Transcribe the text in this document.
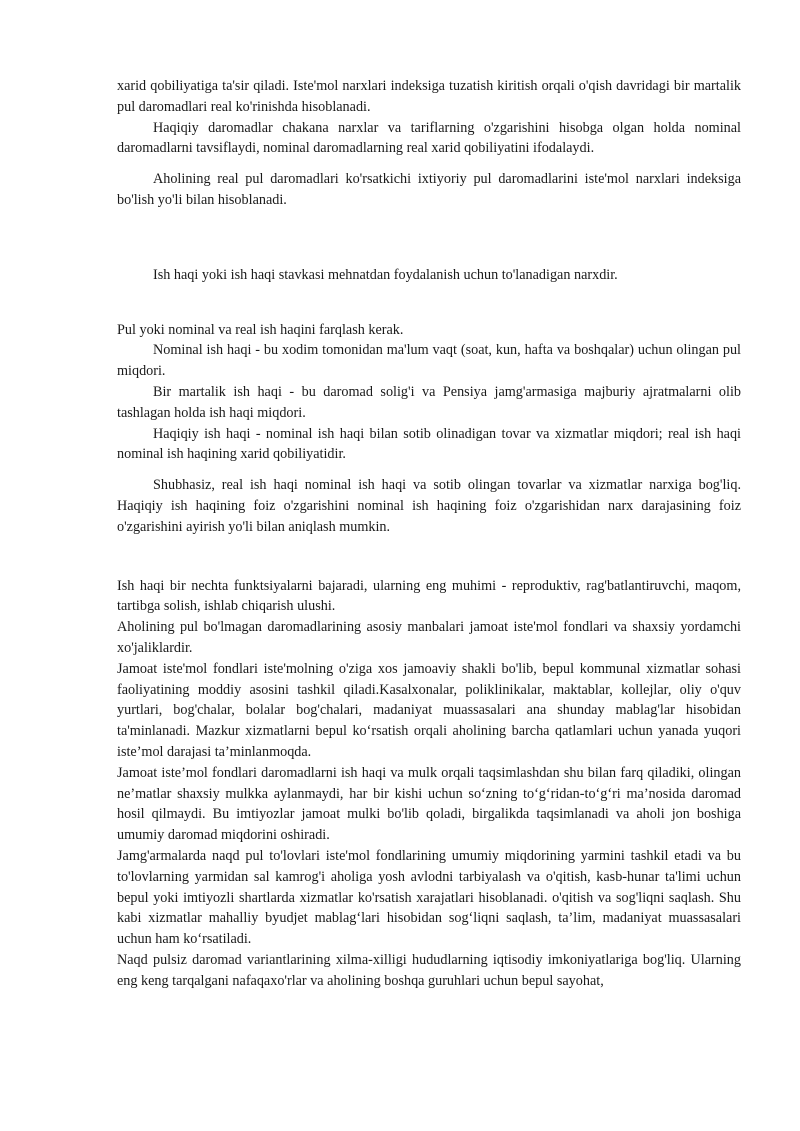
xarid qobiliyatiga ta'sir qiladi. Iste'mol narxlari indeksiga tuzatish kiritish orqali o'qish davridagi bir martalik pul daromadlari real ko'rinishda hisoblanadi.

Haqiqiy daromadlar chakana narxlar va tariflarning o'zgarishini hisobga olgan holda nominal daromadlarni tavsiflaydi, nominal daromadlarning real xarid qobiliyatini ifodalaydi.

Aholining real pul daromadlari ko'rsatkichi ixtiyoriy pul daromadlarini iste'mol narxlari indeksiga bo'lish yo'li bilan hisoblanadi.

Ish haqi yoki ish haqi stavkasi mehnatdan foydalanish uchun to'lanadigan narxdir.

Pul yoki nominal va real ish haqini farqlash kerak.

Nominal ish haqi - bu xodim tomonidan ma'lum vaqt (soat, kun, hafta va boshqalar) uchun olingan pul miqdori.

Bir martalik ish haqi - bu daromad solig'i va Pensiya jamg'armasiga majburiy ajratmalarni olib tashlagan holda ish haqi miqdori.

Haqiqiy ish haqi - nominal ish haqi bilan sotib olinadigan tovar va xizmatlar miqdori; real ish haqi nominal ish haqining xarid qobiliyatidir.

Shubhasiz, real ish haqi nominal ish haqi va sotib olingan tovarlar va xizmatlar narxiga bog'liq. Haqiqiy ish haqining foiz o'zgarishini nominal ish haqining foiz o'zgarishidan narx darajasining foiz o'zgarishini ayirish yo'li bilan aniqlash mumkin.

Ish haqi bir nechta funktsiyalarni bajaradi, ularning eng muhimi - reproduktiv, rag'batlantiruvchi, maqom, tartibga solish, ishlab chiqarish ulushi.

Aholining pul bo'lmagan daromadlarining asosiy manbalari jamoat iste'mol fondlari va shaxsiy yordamchi xo'jaliklardir.

Jamoat iste'mol fondlari iste'molning o'ziga xos jamoaviy shakli bo'lib, bepul kommunal xizmatlar sohasi faoliyatining moddiy asosini tashkil qiladi.Kasalxonalar, poliklinikalar, maktablar, kollejlar, oliy o'quv yurtlari, bog'chalar, bolalar bog'chalari, madaniyat muassasalari ana shunday mablag'lar hisobidan ta'minlanadi. Mazkur xizmatlarni bepul ko‘rsatish orqali aholining barcha qatlamlari uchun yanada yuqori iste’mol darajasi ta’minlanmoqda.

Jamoat iste’mol fondlari daromadlarni ish haqi va mulk orqali taqsimlashdan shu bilan farq qiladiki, olingan ne’matlar shaxsiy mulkka aylanmaydi, har bir kishi uchun so‘zning to‘g‘ridan-to‘g‘ri ma’nosida daromad hosil qilmaydi. Bu imtiyozlar jamoat mulki bo'lib qoladi, birgalikda taqsimlanadi va aholi jon boshiga umumiy daromad miqdorini oshiradi.

Jamg'armalarda naqd pul to'lovlari iste'mol fondlarining umumiy miqdorining yarmini tashkil etadi va bu to'lovlarning yarmidan sal kamrog'i aholiga yosh avlodni tarbiyalash va o'qitish, kasb-hunar ta'limi uchun bepul yoki imtiyozli shartlarda xizmatlar ko'rsatish xarajatlari hisoblanadi. o'qitish va sog'liqni saqlash. Shu kabi xizmatlar mahalliy byudjet mablag‘lari hisobidan sog‘liqni saqlash, ta’lim, madaniyat muassasalari uchun ham ko‘rsatiladi.

Naqd pulsiz daromad variantlarining xilma-xilligi hududlarning iqtisodiy imkoniyatlariga bog'liq. Ularning eng keng tarqalgani nafaqaxo'rlar va aholining boshqa guruhlari uchun bepul sayohat,
